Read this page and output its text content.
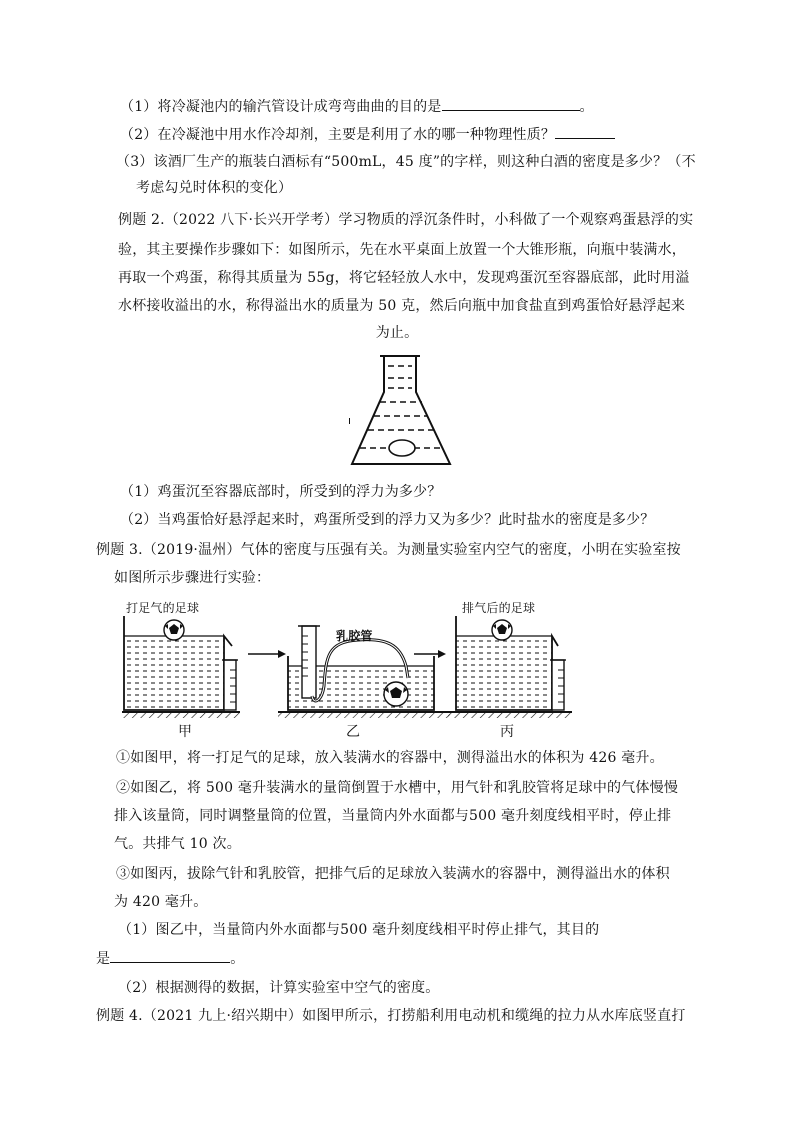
（1）将冷凝池内的输汽管设计成弯弯曲曲的目的是	。
（2）在冷凝池中用水作冷却剂，主要是利用了水的哪一种物理性质？
（3）该酒厂生产的瓶装白酒标有“500mL，45 度”的字样，则这种白酒的密度是多少？（不
考虑勾兑时体积的变化）
例题 2.（2022 八下·长兴开学考）学习物质的浮沉条件时，小科做了一个观察鸡蛋悬浮的实
验，其主要操作步骤如下：如图所示，先在水平桌面上放置一个大锥形瓶，向瓶中装满水，
再取一个鸡蛋，称得其质量为 55g，将它轻轻放人水中，发现鸡蛋沉至容器底部，此时用溢
水杯接收溢出的水，称得溢出水的质量为 50 克，然后向瓶中加食盐直到鸡蛋恰好悬浮起来
为止。
（1）鸡蛋沉至容器底部时，所受到的浮力为多少？
（2）当鸡蛋恰好悬浮起来时，鸡蛋所受到的浮力又为多少？此时盐水的密度是多少？
例题 3.（2019·温州）气体的密度与压强有关。为测量实验室内空气的密度，小明在实验室按
如图所示步骤进行实验：
打足气的足球
乳胶管
排气后的足球
甲	乙	丙
①如图甲，将一打足气的足球，放入装满水的容器中，测得溢出水的体积为 426 毫升。
②如图乙，将 500 毫升装满水的量筒倒置于水槽中，用气针和乳胶管将足球中的气体慢慢
排入该量筒，同时调整量筒的位置，当量筒内外水面都与500 毫升刻度线相平时，停止排
气。共排气 10 次。
③如图丙，拔除气针和乳胶管，把排气后的足球放入装满水的容器中，测得溢出水的体积
为 420 毫升。
（1）图乙中，当量筒内外水面都与500 毫升刻度线相平时停止排气，其目的
是	。
（2）根据测得的数据，计算实验室中空气的密度。
例题 4.（2021 九上·绍兴期中）如图甲所示，打捞船利用电动机和缆绳的拉力从水库底竖直打
